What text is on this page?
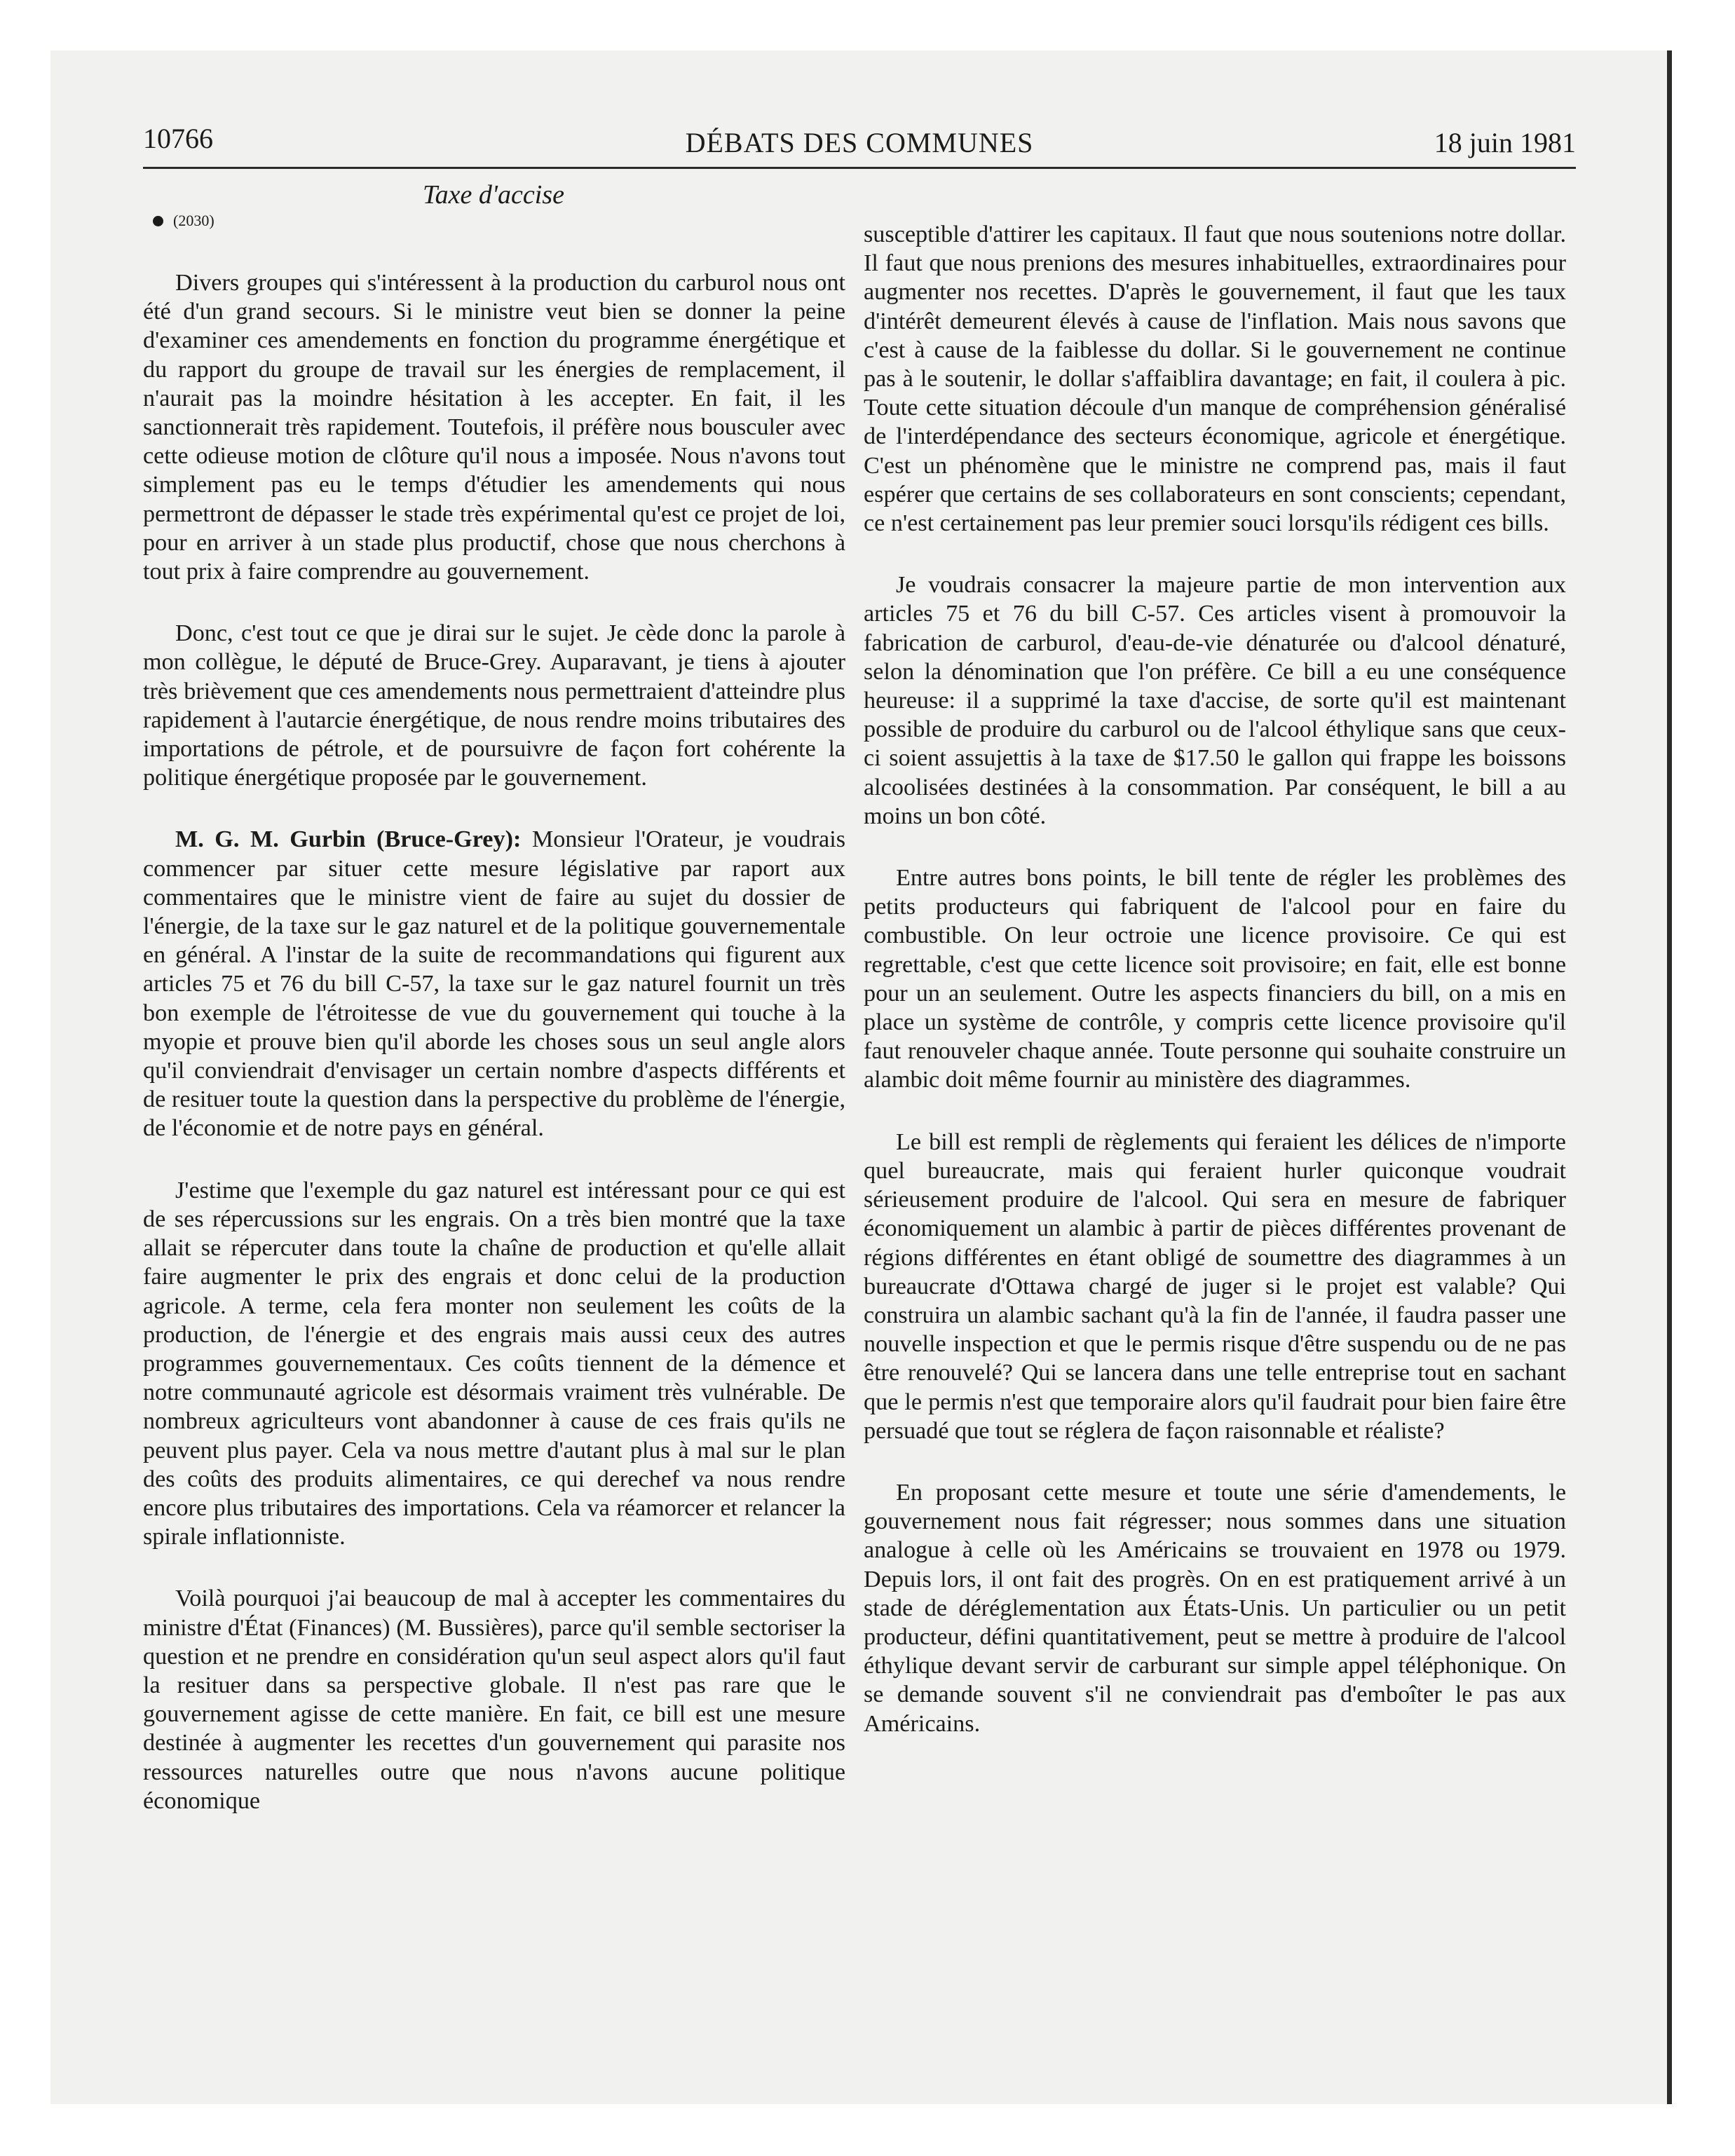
10766	DÉBATS DES COMMUNES	18 juin 1981
Taxe d'accise
(2030)

Divers groupes qui s'intéressent à la production du carburol nous ont été d'un grand secours. Si le ministre veut bien se donner la peine d'examiner ces amendements en fonction du programme énergétique et du rapport du groupe de travail sur les énergies de remplacement, il n'aurait pas la moindre hésitation à les accepter. En fait, il les sanctionnerait très rapidement. Toutefois, il préfère nous bousculer avec cette odieuse motion de clôture qu'il nous a imposée. Nous n'avons tout simplement pas eu le temps d'étudier les amendements qui nous permettront de dépasser le stade très expérimental qu'est ce projet de loi, pour en arriver à un stade plus productif, chose que nous cherchons à tout prix à faire comprendre au gouvernement.

Donc, c'est tout ce que je dirai sur le sujet. Je cède donc la parole à mon collègue, le député de Bruce-Grey. Auparavant, je tiens à ajouter très brièvement que ces amendements nous permettraient d'atteindre plus rapidement à l'autarcie énergétique, de nous rendre moins tributaires des importations de pétrole, et de poursuivre de façon fort cohérente la politique énergétique proposée par le gouvernement.

M. G. M. Gurbin (Bruce-Grey): Monsieur l'Orateur, je voudrais commencer par situer cette mesure législative par raport aux commentaires que le ministre vient de faire au sujet du dossier de l'énergie, de la taxe sur le gaz naturel et de la politique gouvernementale en général. A l'instar de la suite de recommandations qui figurent aux articles 75 et 76 du bill C-57, la taxe sur le gaz naturel fournit un très bon exemple de l'étroitesse de vue du gouvernement qui touche à la myopie et prouve bien qu'il aborde les choses sous un seul angle alors qu'il conviendrait d'envisager un certain nombre d'aspects différents et de resituer toute la question dans la perspective du problème de l'énergie, de l'économie et de notre pays en général.

J'estime que l'exemple du gaz naturel est intéressant pour ce qui est de ses répercussions sur les engrais. On a très bien montré que la taxe allait se répercuter dans toute la chaîne de production et qu'elle allait faire augmenter le prix des engrais et donc celui de la production agricole. A terme, cela fera monter non seulement les coûts de la production, de l'énergie et des engrais mais aussi ceux des autres programmes gouvernementaux. Ces coûts tiennent de la démence et notre communauté agricole est désormais vraiment très vulnérable. De nombreux agriculteurs vont abandonner à cause de ces frais qu'ils ne peuvent plus payer. Cela va nous mettre d'autant plus à mal sur le plan des coûts des produits alimentaires, ce qui derechef va nous rendre encore plus tributaires des importations. Cela va réamorcer et relancer la spirale inflationniste.

Voilà pourquoi j'ai beaucoup de mal à accepter les commentaires du ministre d'État (Finances) (M. Bussières), parce qu'il semble sectoriser la question et ne prendre en considération qu'un seul aspect alors qu'il faut la resituer dans sa perspective globale. Il n'est pas rare que le gouvernement agisse de cette manière. En fait, ce bill est une mesure destinée à augmenter les recettes d'un gouvernement qui parasite nos ressources naturelles outre que nous n'avons aucune politique économique

susceptible d'attirer les capitaux. Il faut que nous soutenions notre dollar. Il faut que nous prenions des mesures inhabituelles, extraordinaires pour augmenter nos recettes. D'après le gouvernement, il faut que les taux d'intérêt demeurent élevés à cause de l'inflation. Mais nous savons que c'est à cause de la faiblesse du dollar. Si le gouvernement ne continue pas à le soutenir, le dollar s'affaiblira davantage; en fait, il coulera à pic. Toute cette situation découle d'un manque de compréhension généralisé de l'interdépendance des secteurs économique, agricole et énergétique. C'est un phénomène que le ministre ne comprend pas, mais il faut espérer que certains de ses collaborateurs en sont conscients; cependant, ce n'est certainement pas leur premier souci lorsqu'ils rédigent ces bills.

Je voudrais consacrer la majeure partie de mon intervention aux articles 75 et 76 du bill C-57. Ces articles visent à promouvoir la fabrication de carburol, d'eau-de-vie dénaturée ou d'alcool dénaturé, selon la dénomination que l'on préfère. Ce bill a eu une conséquence heureuse: il a supprimé la taxe d'accise, de sorte qu'il est maintenant possible de produire du carburol ou de l'alcool éthylique sans que ceux-ci soient assujettis à la taxe de $17.50 le gallon qui frappe les boissons alcoolisées destinées à la consommation. Par conséquent, le bill a au moins un bon côté.

Entre autres bons points, le bill tente de régler les problèmes des petits producteurs qui fabriquent de l'alcool pour en faire du combustible. On leur octroie une licence provisoire. Ce qui est regrettable, c'est que cette licence soit provisoire; en fait, elle est bonne pour un an seulement. Outre les aspects financiers du bill, on a mis en place un système de contrôle, y compris cette licence provisoire qu'il faut renouveler chaque année. Toute personne qui souhaite construire un alambic doit même fournir au ministère des diagrammes.

Le bill est rempli de règlements qui feraient les délices de n'importe quel bureaucrate, mais qui feraient hurler quiconque voudrait sérieusement produire de l'alcool. Qui sera en mesure de fabriquer économiquement un alambic à partir de pièces différentes provenant de régions différentes en étant obligé de soumettre des diagrammes à un bureaucrate d'Ottawa chargé de juger si le projet est valable? Qui construira un alambic sachant qu'à la fin de l'année, il faudra passer une nouvelle inspection et que le permis risque d'être suspendu ou de ne pas être renouvelé? Qui se lancera dans une telle entreprise tout en sachant que le permis n'est que temporaire alors qu'il faudrait pour bien faire être persuadé que tout se réglera de façon raisonnable et réaliste?

En proposant cette mesure et toute une série d'amendements, le gouvernement nous fait régresser; nous sommes dans une situation analogue à celle où les Américains se trouvaient en 1978 ou 1979. Depuis lors, il ont fait des progrès. On en est pratiquement arrivé à un stade de déréglementation aux États-Unis. Un particulier ou un petit producteur, défini quantitativement, peut se mettre à produire de l'alcool éthylique devant servir de carburant sur simple appel téléphonique. On se demande souvent s'il ne conviendrait pas d'emboîter le pas aux Américains.
